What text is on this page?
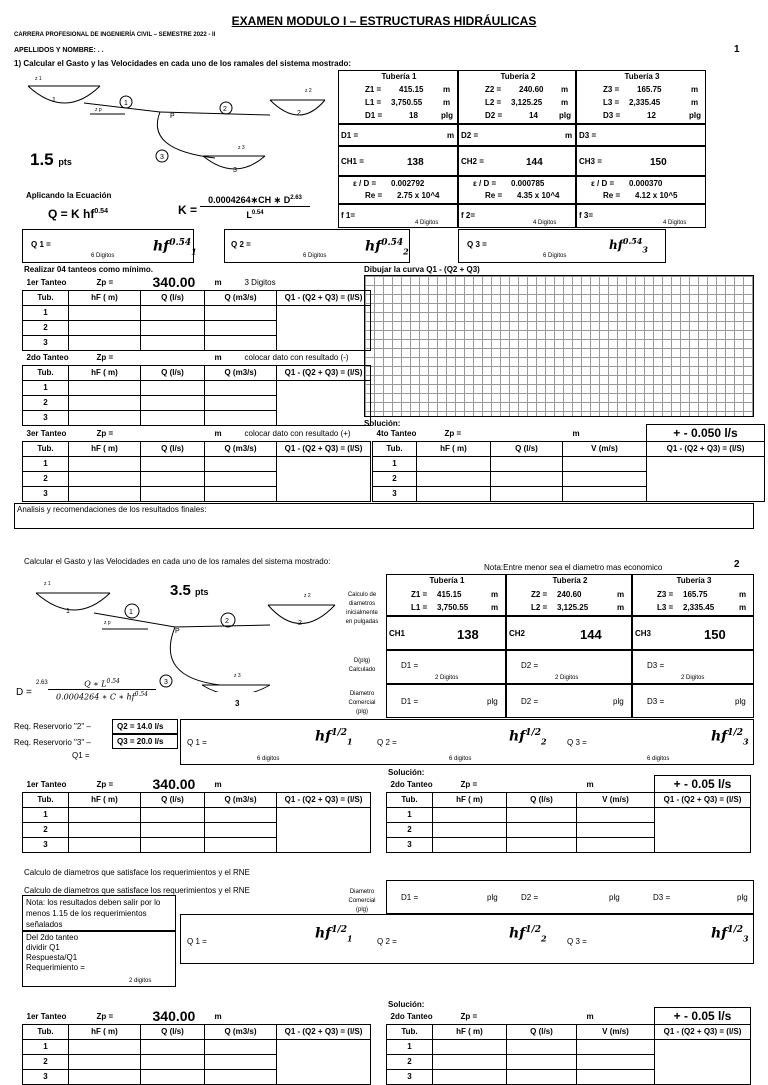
EXAMEN MODULO I – ESTRUCTURAS HIDRÁULICAS
CARRERA PROFESIONAL DE INGENIERÍA CIVIL – SEMESTRE 2022 - II
APELLIDOS Y NOMBRE: . .	1
1) Calcular el Gasto y las Velocidades en cada uno de los ramales del sistema mostrado:
1
z 1
z p
1
P
2
2
z 2
3
3
z 3
1.5 pts
Aplicando la Ecuación
Q = K $hf^{0.54}$	K =
0.0004264∗CH ∗ $D^{2.63}$
$L^{0.54}$
Tubería 1
Z1 = 415.15 m
L1 = 3,750.55	m
D1 =	18	plg
D1 =	m
CH1 =	138
ε / D = 0.002792
Re = 2.75 x 10^4
f 1=
4 Digitos
Tubería 2
Z2 = 240.60 m
L2 = 3,125.25 m
D2 =	14	plg
D2 =	m
CH2 =	144
ε / D = 0.000785
Re = 4.35 x 10^4
f 2=
4 Digitos
Tubería 3
Z3 = 165.75	m
L3 = 2,335.45	m
D3 =	12	plg
D3 =
CH3 =	150
ε / D = 0.000370
Re = 4.12 x 10^5
f 3=
4 Digitos
Q 1 =
6 Digitos
$hf^{0.54}_1$
Q 2 =
6 Digitos
$hf^{0.54}_2$
Q 3 =
6 Digitos
$hf^{0.54}_3$
Realizar 04 tanteos como mínimo.	Dibujar la curva Q1 - (Q2 + Q3)
Solución:
1er Tanteo Zp = 340.00 m 3 Digitos				

Tub.	hF ( m)	Q (l/s)	Q (m3/s)	Q1 - (Q2 + Q3) = (l/S)
1				
2				
3				
2do Tanteo Zp = m colocar dato con resultado (-)				

Tub.	hF ( m)	Q (l/s)	Q (m3/s)	Q1 - (Q2 + Q3) = (l/S)
1				
2				
3				
3er Tanteo Zp = m colocar dato con resultado (+)				

Tub.	hF ( m)	Q (l/s)	Q (m3/s)	Q1 - (Q2 + Q3) = (l/S)
1				
2				
3				
4to Tanteo Zp = m				

Tub.	hF ( m)	Q (l/s)	V (m/s)	Q1 - (Q2 + Q3) = (l/S)
1				
2				
3				
+ - 0.050 l/s
1er Tanteo Zp = 340.00 m				

Tub.	hF ( m)	Q (l/s)	Q (m3/s)	Q1 - (Q2 + Q3) = (l/S)
1				
2				
3				
2do Tanteo Zp = m				

Tub.	hF ( m)	Q (l/s)	V (m/s)	Q1 - (Q2 + Q3) = (l/S)
1				
2				
3				
+ - 0.05 l/s
1er Tanteo Zp = 340.00 m				

Tub.	hF ( m)	Q (l/s)	Q (m3/s)	Q1 - (Q2 + Q3) = (l/S)
1				
2				
3				
2do Tanteo Zp = m				

Tub.	hF ( m)	Q (l/s)	V (m/s)	Q1 - (Q2 + Q3) = (l/S)
1				
2				
3				
+ - 0.05 l/s
Analisis y recomendaciones de los resultados finales:
Calcular el Gasto y las Velocidades en cada uno de los ramales del sistema mostrado:
Nota:Entre menor sea el diametro mas economico	2
1
z 1
z p
1
P
2	2
z 2
3
z 3
3
3.5 pts
D =
2.63	Q ∗ $L^{0.54}$
0.0004264 ∗ C ∗ $hf^{0.54}$
Calculo de diametros inicialmente en pulgadas
D(plg) Calculado
Diametro Comercial (plg)
Tubería 1
Z1 = 415.15	m
L1 = 3,750.55	m
CH1	138
D1 =
2 Digitos
D1 =	plg
Tubería 2
Z2 = 240.60	m
L2 = 3,125.25	m
CH2	144
D2 =
2 Digitos
D2 =	plg
Tubería 3
Z3 = 165.75	m
L3 = 2,335.45	m
CH3	150
D3 =
2 Digitos
D3 =	plg
Req. Reservorio "2" –
Req. Reservorio "3" –
Q1 =
Q2 = 14.0 l/s
Q3 = 20.0 l/s	Q 1 =
6 digitos
$hf^{1/2}_1$	Q 2 =
6 digitos
$hf^{1/2}_2$	Q 3 =
6 digitos
$hf^{1/2}_3$
Solución:
Calculo de diametros que satisface los requerimientos y el RNE
Calculo de diametros que satisface los requerimientos y el RNE
Nota: los resultados deben salir por lo menos 1.15 de los requerimientos señalados
Del 2do tanteo
dividir Q1
Respuesta/Q1
Requerimiento =
2 digitos
Diametro Comercial (plg)
D1 =	plg	D2 =	plg	D3 =	plg
Q 1 =	$hf^{1/2}_1$	Q 2 =	$hf^{1/2}_2$	Q 3 =	$hf^{1/2}_3$
Solución:
